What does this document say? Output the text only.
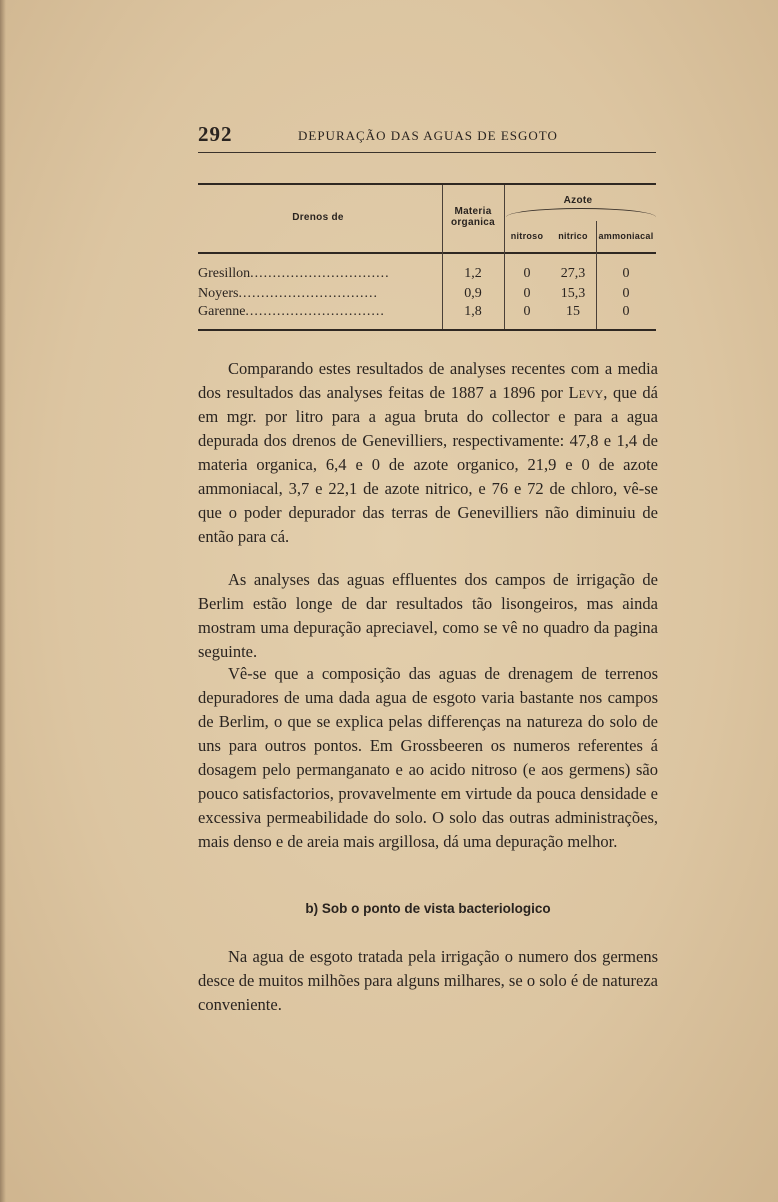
292	DEPURAÇÃO DAS AGUAS DE ESGOTO
Drenos de
Materia
organica
Azote
nitroso	nitrico	ammoniacal
Gresillon...............................	1,2	0	27,3	0
Noyers...............................	0,9	0	15,3	0
Garenne...............................	1,8	0	15	0

Comparando estes resultados de analyses recentes com a media dos resultados das analyses feitas de 1887 a 1896 por Levy, que dá em mgr. por litro para a agua bruta do collector e para a agua depurada dos drenos de Genevilliers, respectivamente: 47,8 e 1,4 de materia organica, 6,4 e 0 de azote organico, 21,9 e 0 de azote ammoniacal, 3,7 e 22,1 de azote nitrico, e 76 e 72 de chloro, vê-se que o poder depurador das terras de Genevilliers não diminuiu de então para cá.

As analyses das aguas effluentes dos campos de irrigação de Berlim estão longe de dar resultados tão lisongeiros, mas ainda mostram uma depuração apreciavel, como se vê no quadro da pagina seguinte.

Vê-se que a composição das aguas de drenagem de terrenos depuradores de uma dada agua de esgoto varia bastante nos campos de Berlim, o que se explica pelas differenças na natureza do solo de uns para outros pontos. Em Grossbeeren os numeros referentes á dosagem pelo permanganato e ao acido nitroso (e aos germens) são pouco satisfactorios, provavelmente em virtude da pouca densidade e excessiva permeabilidade do solo. O solo das outras administrações, mais denso e de areia mais argillosa, dá uma depuração melhor.

b) Sob o ponto de vista bacteriologico

Na agua de esgoto tratada pela irrigação o numero dos germens desce de muitos milhões para alguns milhares, se o solo é de natureza conveniente.
